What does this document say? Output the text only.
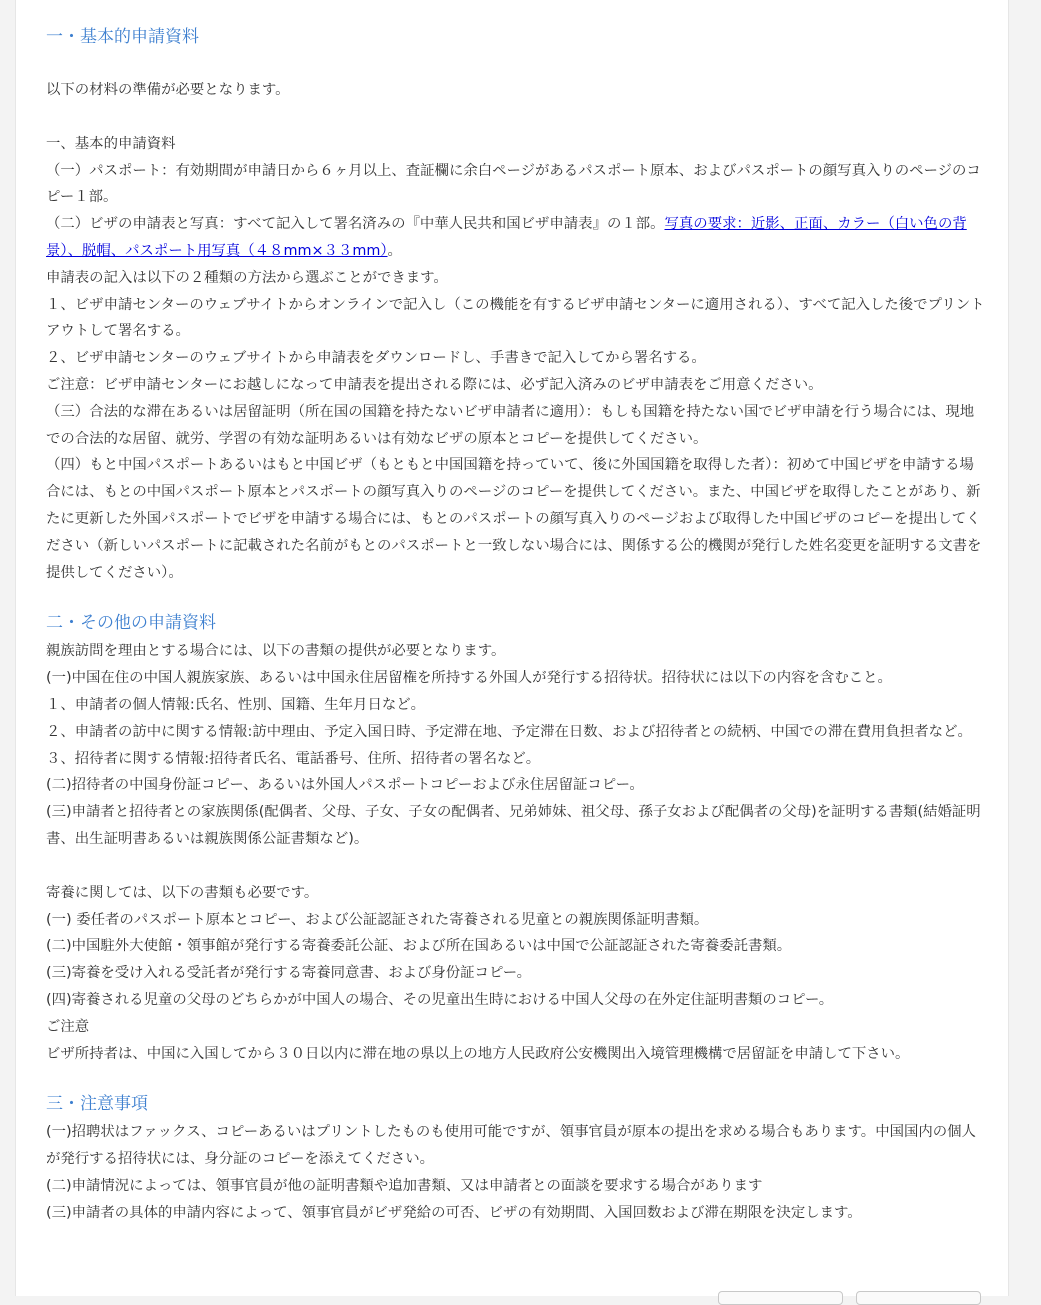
一・基本的申請資料

以下の材料の準備が必要となります。

一、基本的申請資料

（一）パスポート：有効期間が申請日から６ヶ月以上、査証欄に余白ページがあるパスポート原本、およびパスポートの顔写真入りのページのコピー１部。

（二）ビザの申請表と写真：すべて記入して署名済みの『中華人民共和国ビザ申請表』の１部。写真の要求：近影、正面、カラー（白い色の背景）、脱帽、パスポート用写真（４８mm×３３mm）。

申請表の記入は以下の２種類の方法から選ぶことができます。

１、ビザ申請センターのウェブサイトからオンラインで記入し（この機能を有するビザ申請センターに適用される）、すべて記入した後でプリントアウトして署名する。

２、ビザ申請センターのウェブサイトから申請表をダウンロードし、手書きで記入してから署名する。

ご注意：ビザ申請センターにお越しになって申請表を提出される際には、必ず記入済みのビザ申請表をご用意ください。

（三）合法的な滞在あるいは居留証明（所在国の国籍を持たないビザ申請者に適用）：もしも国籍を持たない国でビザ申請を行う場合には、現地での合法的な居留、就労、学習の有効な証明あるいは有効なビザの原本とコピーを提供してください。

（四）もと中国パスポートあるいはもと中国ビザ（もともと中国国籍を持っていて、後に外国国籍を取得した者）：初めて中国ビザを申請する場合には、もとの中国パスポート原本とパスポートの顔写真入りのページのコピーを提供してください。また、中国ビザを取得したことがあり、新たに更新した外国パスポートでビザを申請する場合には、もとのパスポートの顔写真入りのページおよび取得した中国ビザのコピーを提出してください（新しいパスポートに記載された名前がもとのパスポートと一致しない場合には、関係する公的機関が発行した姓名変更を証明する文書を提供してください）。

二・その他の申請資料

親族訪問を理由とする場合には、以下の書類の提供が必要となります。

(一)中国在住の中国人親族家族、あるいは中国永住居留権を所持する外国人が発行する招待状。招待状には以下の内容を含むこと。

１、申請者の個人情報:氏名、性別、国籍、生年月日など。

２、申請者の訪中に関する情報:訪中理由、予定入国日時、予定滞在地、予定滞在日数、および招待者との続柄、中国での滞在費用負担者など。

３、招待者に関する情報:招待者氏名、電話番号、住所、招待者の署名など。

(二)招待者の中国身份証コピー、あるいは外国人パスポートコピーおよび永住居留証コピー。

(三)申請者と招待者との家族関係(配偶者、父母、子女、子女の配偶者、兄弟姉妹、祖父母、孫子女および配偶者の父母)を証明する書類(結婚証明書、出生証明書あるいは親族関係公証書類など)。

寄養に関しては、以下の書類も必要です。

(一) 委任者のパスポート原本とコピー、および公証認証された寄養される児童との親族関係証明書類。

(二)中国駐外大使館・領事館が発行する寄養委託公証、および所在国あるいは中国で公証認証された寄養委託書類。

(三)寄養を受け入れる受託者が発行する寄養同意書、および身份証コピー。

(四)寄養される児童の父母のどちらかが中国人の場合、その児童出生時における中国人父母の在外定住証明書類のコピー。

ご注意

ビザ所持者は、中国に入国してから３０日以内に滞在地の県以上の地方人民政府公安機関出入境管理機構で居留証を申請して下さい。

三・注意事項

(一)招聘状はファックス、コピーあるいはプリントしたものも使用可能ですが、領事官員が原本の提出を求める場合もあります。中国国内の個人が発行する招待状には、身分証のコピーを添えてください。

(二)申請情況によっては、領事官員が他の証明書類や追加書類、又は申請者との面談を要求する場合があります

(三)申請者の具体的申請内容によって、領事官員がビザ発給の可否、ビザの有効期間、入国回数および滞在期限を決定します。
